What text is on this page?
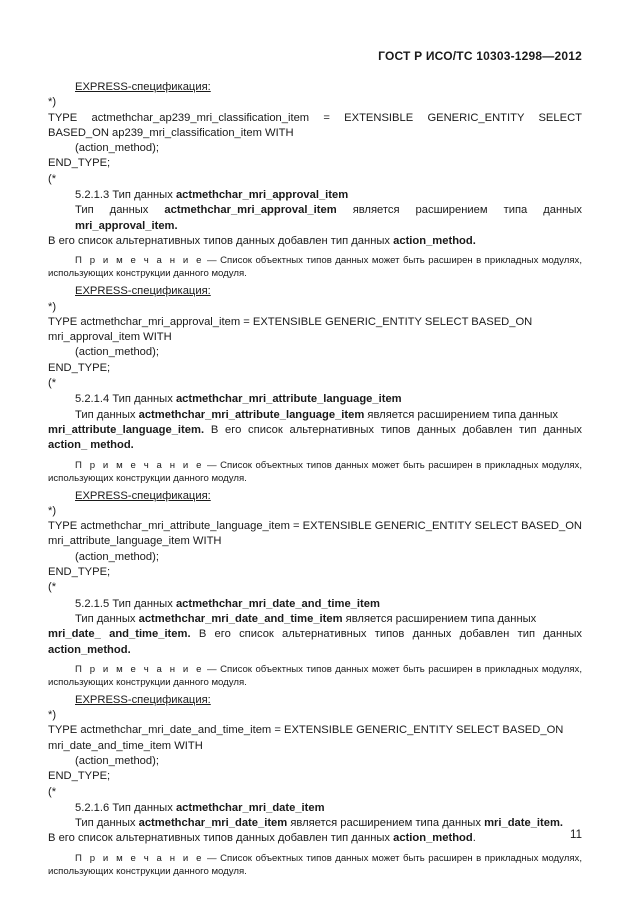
ГОСТ Р ИСО/ТС 10303-1298—2012

EXPRESS-спецификация:

*)

TYPE actmethchar_ap239_mri_classification_item = EXTENSIBLE GENERIC_ENTITY SELECT BASED_ON ap239_mri_classification_item WITH

(action_method);

END_TYPE;

(*

5.2.1.3 Тип данных actmethchar_mri_approval_item

Тип данных actmethchar_mri_approval_item является расширением типа данных mri_approval_item.

В его список альтернативных типов данных добавлен тип данных action_method.

П р и м е ч а н и е — Список объектных типов данных может быть расширен в прикладных модулях, использующих конструкции данного модуля.

EXPRESS-спецификация:

*)

TYPE actmethchar_mri_approval_item = EXTENSIBLE GENERIC_ENTITY SELECT BASED_ON
mri_approval_item WITH

(action_method);

END_TYPE;

(*

5.2.1.4 Тип данных actmethchar_mri_attribute_language_item

Тип данных actmethchar_mri_attribute_language_item является расширением типа данных

mri_attribute_language_item. В его список альтернативных типов данных добавлен тип данных action_ method.

П р и м е ч а н и е — Список объектных типов данных может быть расширен в прикладных модулях, использующих конструкции данного модуля.

EXPRESS-спецификация:

*)

TYPE actmethchar_mri_attribute_language_item = EXTENSIBLE GENERIC_ENTITY SELECT BASED_ON
mri_attribute_language_item WITH

(action_method);

END_TYPE;

(*

5.2.1.5 Тип данных actmethchar_mri_date_and_time_item

Тип данных actmethchar_mri_date_and_time_item является расширением типа данных

mri_date_ and_time_item. В его список альтернативных типов данных добавлен тип данных action_method.

П р и м е ч а н и е — Список объектных типов данных может быть расширен в прикладных модулях, использующих конструкции данного модуля.

EXPRESS-спецификация:

*)

TYPE actmethchar_mri_date_and_time_item = EXTENSIBLE GENERIC_ENTITY SELECT BASED_ON
mri_date_and_time_item WITH

(action_method);

END_TYPE;

(*

5.2.1.6 Тип данных actmethchar_mri_date_item

Тип данных actmethchar_mri_date_item является расширением типа данных mri_date_item.

В его список альтернативных типов данных добавлен тип данных action_method.

П р и м е ч а н и е — Список объектных типов данных может быть расширен в прикладных модулях, использующих конструкции данного модуля.
11
